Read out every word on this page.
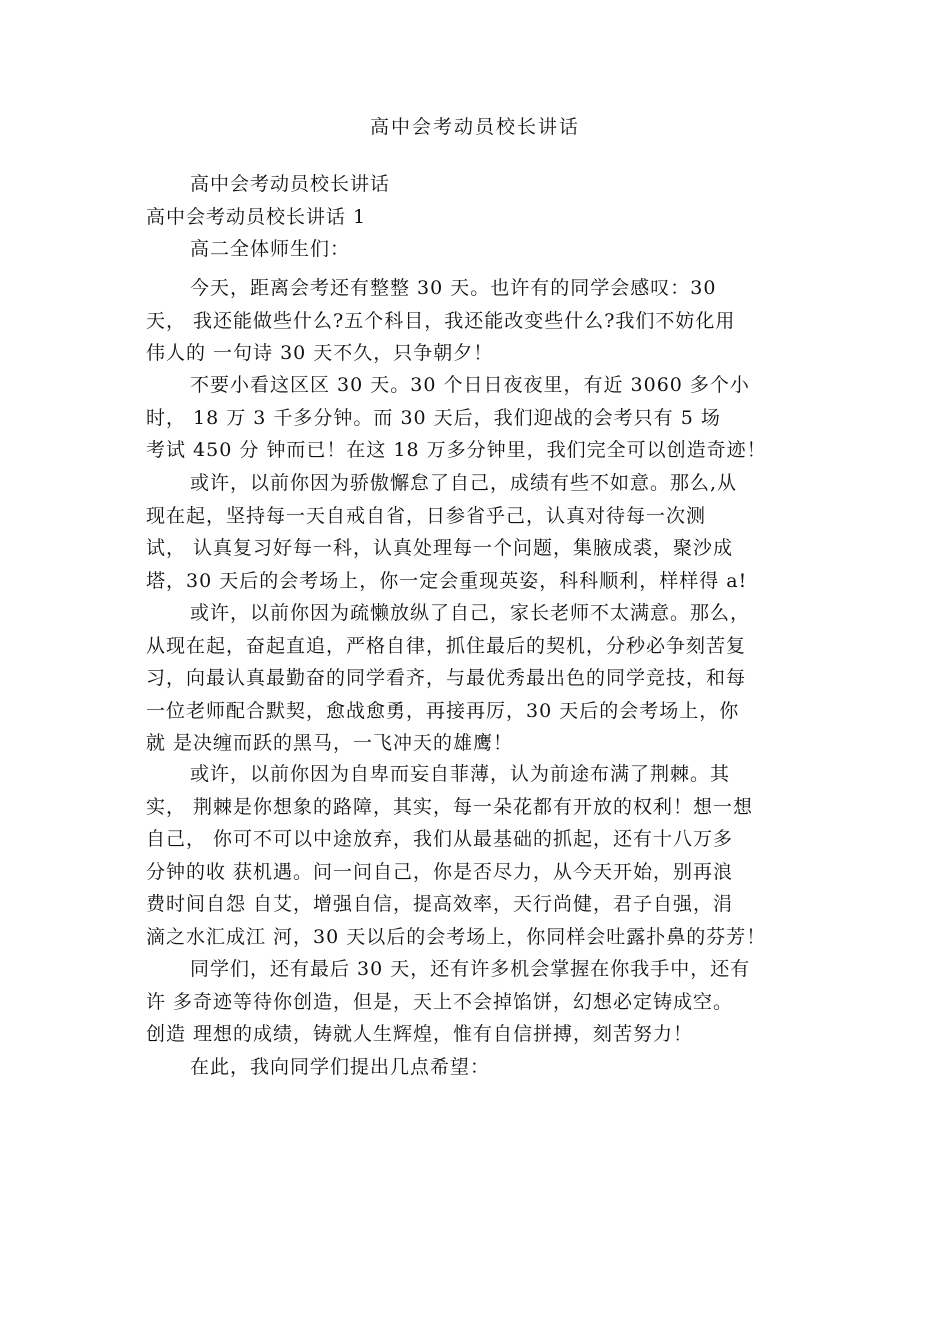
高中会考动员校长讲话
高中会考动员校长讲话
高中会考动员校长讲话 1
高二全体师生们：
今天，距离会考还有整整 30 天。也许有的同学会感叹：30
天， 我还能做些什么?五个科目，我还能改变些什么?我们不妨化用
伟人的 一句诗 30 天不久，只争朝夕！
不要小看这区区 30 天。30 个日日夜夜里，有近 3060 多个小
时， 18 万 3 千多分钟。而 30 天后，我们迎战的会考只有 5 场
考试 450 分 钟而已！在这 18 万多分钟里，我们完全可以创造奇迹！
或许，以前你因为骄傲懈怠了自己，成绩有些不如意。那么,从
现在起，坚持每一天自戒自省，日参省乎己，认真对待每一次测
试， 认真复习好每一科，认真处理每一个问题，集腋成裘，聚沙成
塔，30 天后的会考场上，你一定会重现英姿，科科顺利，样样得 a!
或许，以前你因为疏懒放纵了自己，家长老师不太满意。那么，
从现在起，奋起直追，严格自律，抓住最后的契机，分秒必争刻苦复
习，向最认真最勤奋的同学看齐，与最优秀最出色的同学竞技，和每
一位老师配合默契，愈战愈勇，再接再厉，30 天后的会考场上，你
就 是决缠而跃的黑马，一飞冲天的雄鹰！
或许，以前你因为自卑而妄自菲薄，认为前途布满了荆棘。其
实， 荆棘是你想象的路障，其实，每一朵花都有开放的权利！想一想
自己， 你可不可以中途放弃，我们从最基础的抓起，还有十八万多
分钟的收 获机遇。问一问自己，你是否尽力，从今天开始，别再浪
费时间自怨 自艾，增强自信，提高效率，天行尚健，君子自强，涓
滴之水汇成江 河，30 天以后的会考场上，你同样会吐露扑鼻的芬芳！
同学们，还有最后 30 天，还有许多机会掌握在你我手中，还有
许 多奇迹等待你创造，但是，天上不会掉馅饼，幻想必定铸成空。
创造 理想的成绩，铸就人生辉煌，惟有自信拼搏，刻苦努力！
在此，我向同学们提出几点希望：
